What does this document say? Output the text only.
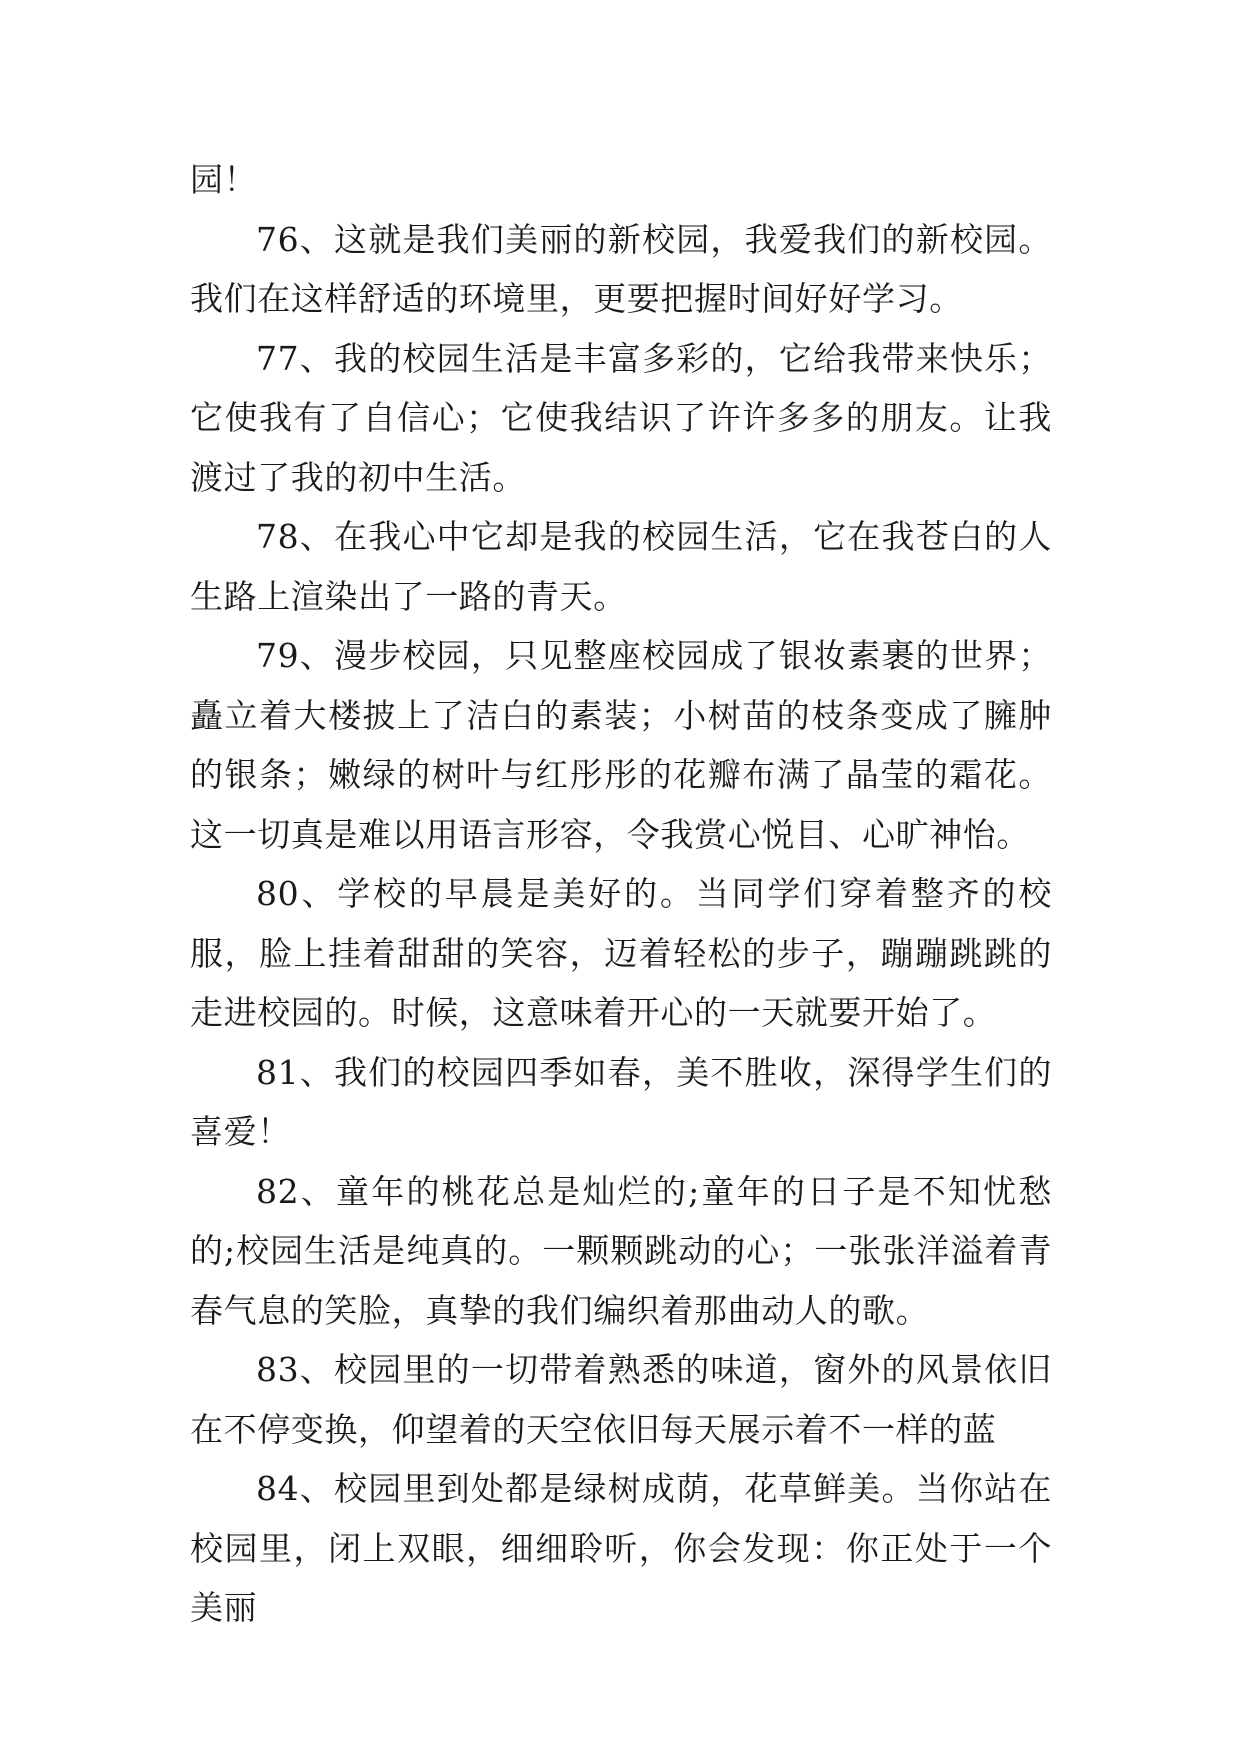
园！

76、这就是我们美丽的新校园，我爱我们的新校园。我们在这样舒适的环境里，更要把握时间好好学习。

77、我的校园生活是丰富多彩的，它给我带来快乐；它使我有了自信心；它使我结识了许许多多的朋友。让我渡过了我的初中生活。

78、在我心中它却是我的校园生活，它在我苍白的人生路上渲染出了一路的青天。

79、漫步校园，只见整座校园成了银妆素裹的世界；矗立着大楼披上了洁白的素装；小树苗的枝条变成了臃肿的银条；嫩绿的树叶与红彤彤的花瓣布满了晶莹的霜花。这一切真是难以用语言形容，令我赏心悦目、心旷神怡。

80、学校的早晨是美好的。当同学们穿着整齐的校服，脸上挂着甜甜的笑容，迈着轻松的步子，蹦蹦跳跳的走进校园的。时候，这意味着开心的一天就要开始了。

81、我们的校园四季如春，美不胜收，深得学生们的喜爱！

82、童年的桃花总是灿烂的;童年的日子是不知忧愁的;校园生活是纯真的。一颗颗跳动的心；一张张洋溢着青春气息的笑脸，真挚的我们编织着那曲动人的歌。

83、校园里的一切带着熟悉的味道，窗外的风景依旧在不停变换，仰望着的天空依旧每天展示着不一样的蓝

84、校园里到处都是绿树成荫，花草鲜美。当你站在校园里，闭上双眼，细细聆听，你会发现：你正处于一个美丽
